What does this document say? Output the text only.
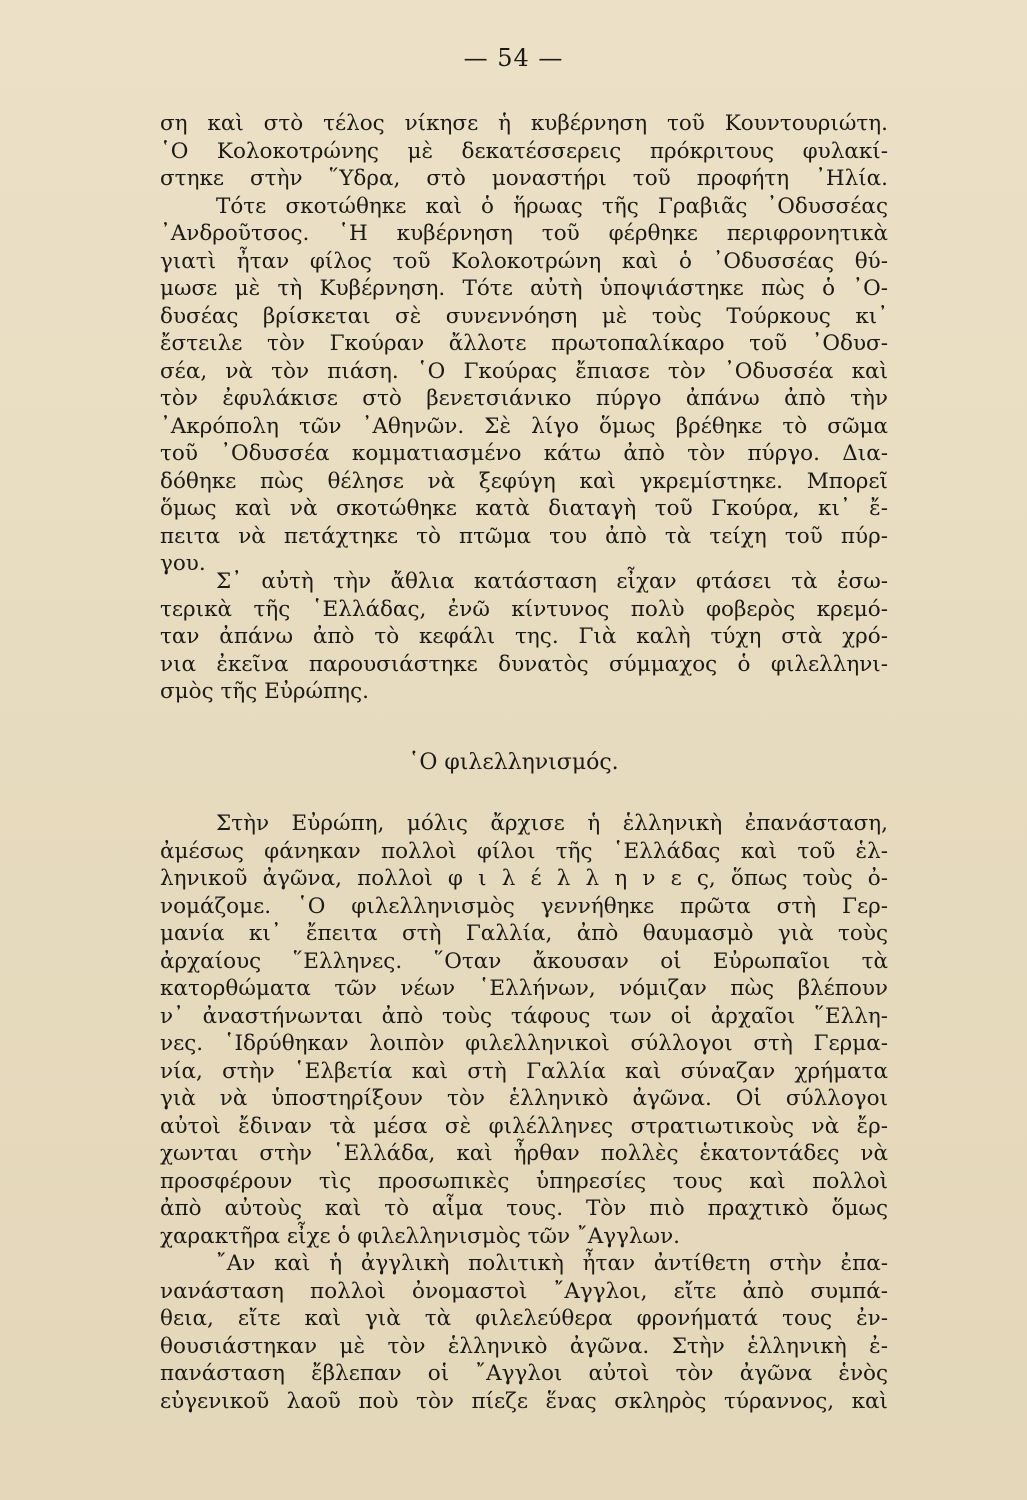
— 54 —
ση καὶ στὸ τέλος νίκησε ἡ κυβέρνηση τοῦ Κουντουριώτη.
῾Ο Κολοκοτρώνης μὲ δεκατέσσερεις πρόκριτους φυλακί-
στηκε στὴν ῞Υδρα, στὸ μοναστήρι τοῦ προφήτη ᾿Ηλία.
Τότε σκοτώθηκε καὶ ὁ ἥρωας τῆς Γραβιᾶς ᾿Οδυσσέας
᾿Ανδροῦτσος. ῾Η κυβέρνηση τοῦ φέρθηκε περιφρονητικὰ
γιατὶ ἦταν φίλος τοῦ Κολοκοτρώνη καὶ ὁ ᾿Οδυσσέας θύ-
μωσε μὲ τὴ Κυβέρνηση. Τότε αὐτὴ ὑποψιάστηκε πὼς ὁ ᾿Ο-
δυσέας βρίσκεται σὲ συνεννόηση μὲ τοὺς Τούρκους κι᾿
ἔστειλε τὸν Γκούραν ἄλλοτε πρωτοπαλίκαρο τοῦ ᾿Οδυσ-
σέα, νὰ τὸν πιάση. ῾Ο Γκούρας ἔπιασε τὸν ᾿Οδυσσέα καὶ
τὸν ἐφυλάκισε στὸ βενετσιάνικο πύργο ἀπάνω ἀπὸ τὴν
᾿Ακρόπολη τῶν ᾿Αθηνῶν. Σὲ λίγο ὅμως βρέθηκε τὸ σῶμα
τοῦ ᾿Οδυσσέα κομματιασμένο κάτω ἀπὸ τὸν πύργο. Δια-
δόθηκε πὼς θέλησε νὰ ξεφύγη καὶ γκρεμίστηκε. Μπορεῖ
ὅμως καὶ νὰ σκοτώθηκε κατὰ διαταγὴ τοῦ Γκούρα, κι᾿ ἔ-
πειτα νὰ πετάχτηκε τὸ πτῶμα του ἀπὸ τὰ τείχη τοῦ πύρ-
γου.
Σ᾿ αὐτὴ τὴν ἄθλια κατάσταση εἶχαν φτάσει τὰ ἐσω-
τερικὰ τῆς ῾Ελλάδας, ἐνῶ κίντυνος πολὺ φοβερὸς κρεμό-
ταν ἀπάνω ἀπὸ τὸ κεφάλι της. Γιὰ καλὴ τύχη στὰ χρό-
νια ἐκεῖνα παρουσιάστηκε δυνατὸς σύμμαχος ὁ φιλελληνι-
σμὸς τῆς Εὐρώπης.
῾Ο φιλελληνισμός.
Στὴν Εὐρώπη, μόλις ἄρχισε ἡ ἑλληνικὴ ἐπανάσταση,
ἀμέσως φάνηκαν πολλοὶ φίλοι τῆς ῾Ελλάδας καὶ τοῦ ἑλ-
ληνικοῦ ἀγῶνα, πολλοὶ φ ι λ έ λ λ η ν ε ς, ὅπως τοὺς ὀ-
νομάζομε. ῾Ο φιλελληνισμὸς γεννήθηκε πρῶτα στὴ Γερ-
μανία κι᾿ ἔπειτα στὴ Γαλλία, ἀπὸ θαυμασμὸ γιὰ τοὺς
ἀρχαίους ῞Ελληνες. ῞Οταν ἄκουσαν οἱ Εὐρωπαῖοι τὰ
κατορθώματα τῶν νέων ῾Ελλήνων, νόμιζαν πὼς βλέπουν
ν᾿ ἀναστήνωνται ἀπὸ τοὺς τάφους των οἱ ἀρχαῖοι ῞Ελλη-
νες. ῾Ιδρύθηκαν λοιπὸν φιλελληνικοὶ σύλλογοι στὴ Γερμα-
νία, στὴν ῾Ελβετία καὶ στὴ Γαλλία καὶ σύναζαν χρήματα
γιὰ νὰ ὑποστηρίξουν τὸν ἑλληνικὸ ἀγῶνα. Οἱ σύλλογοι
αὐτοὶ ἔδιναν τὰ μέσα σὲ φιλέλληνες στρατιωτικοὺς νὰ ἔρ-
χωνται στὴν ῾Ελλάδα, καὶ ἦρθαν πολλὲς ἑκατοντάδες νὰ
προσφέρουν τὶς προσωπικὲς ὑπηρεσίες τους καὶ πολλοὶ
ἀπὸ αὐτοὺς καὶ τὸ αἷμα τους. Τὸν πιὸ πραχτικὸ ὅμως
χαρακτῆρα εἶχε ὁ φιλελληνισμὸς τῶν ῎Αγγλων.
῎Αν καὶ ἡ ἀγγλικὴ πολιτικὴ ἦταν ἀντίθετη στὴν ἐπα-
νανάσταση πολλοὶ ὀνομαστοὶ ῎Αγγλοι, εἴτε ἀπὸ συμπά-
θεια, εἴτε καὶ γιὰ τὰ φιλελεύθερα φρονήματά τους ἐν-
θουσιάστηκαν μὲ τὸν ἑλληνικὸ ἀγῶνα. Στὴν ἑλληνικὴ ἐ-
πανάσταση ἔβλεπαν οἱ ῎Αγγλοι αὐτοὶ τὸν ἀγῶνα ἑνὸς
εὐγενικοῦ λαοῦ ποὺ τὸν πίεζε ἕνας σκληρὸς τύραννος, καὶ
